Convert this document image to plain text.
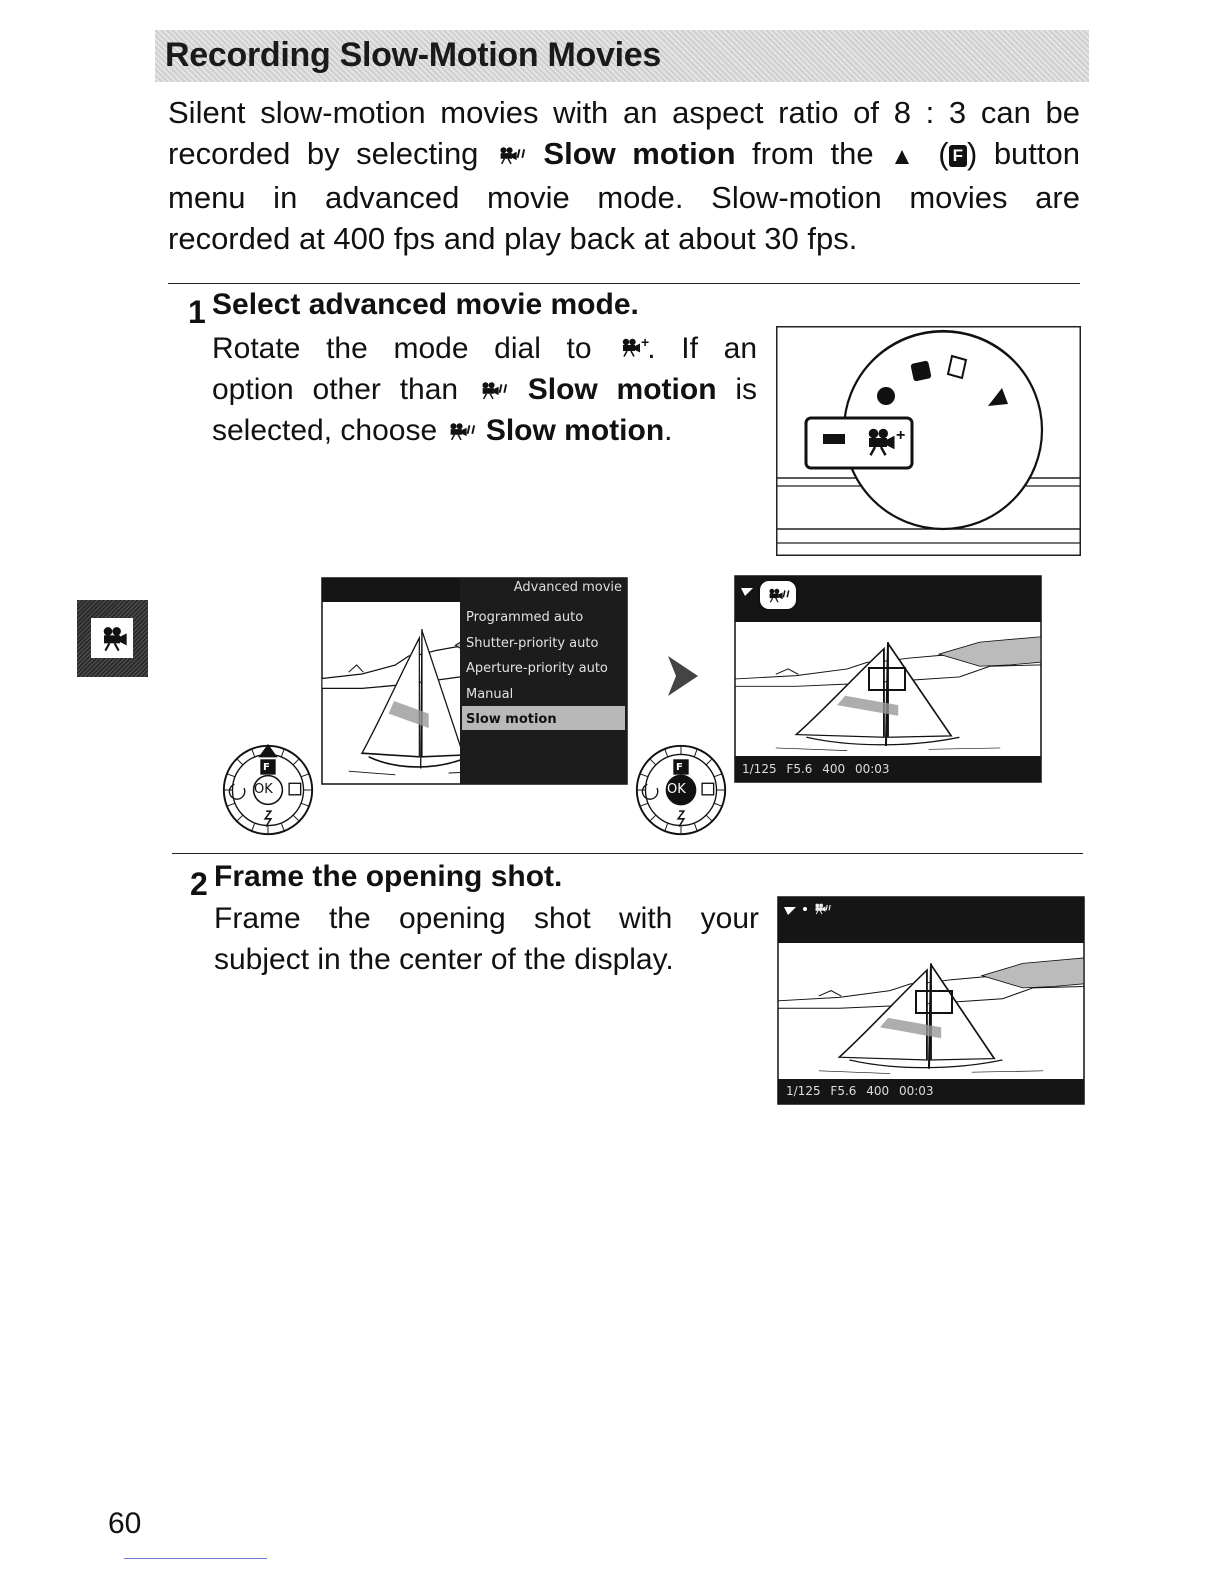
Recording Slow-Motion Movies

Silent slow-motion movies with an aspect ratio of 8 : 3 can be

recorded by selecting  Slow motion from the ▲ ( F ) button

menu in advanced movie mode. Slow-motion movies are

recorded at 400 fps and play back at about 30 fps.

1 Select advanced movie mode.
Rotate the mode dial to +
. If an
option other than  Slow motion is
selected, choose  Slow motion.	+
Advanced movie
Programmed auto
Shutter-priority auto
Aperture-priority auto
Manual
Slow motion
F
OK
1/125 F5.6 400 00:03
F
OK
2 Frame the opening shot.
Frame the opening shot with your
subject in the center of the display.
1/125 F5.6 400 00:03
60
